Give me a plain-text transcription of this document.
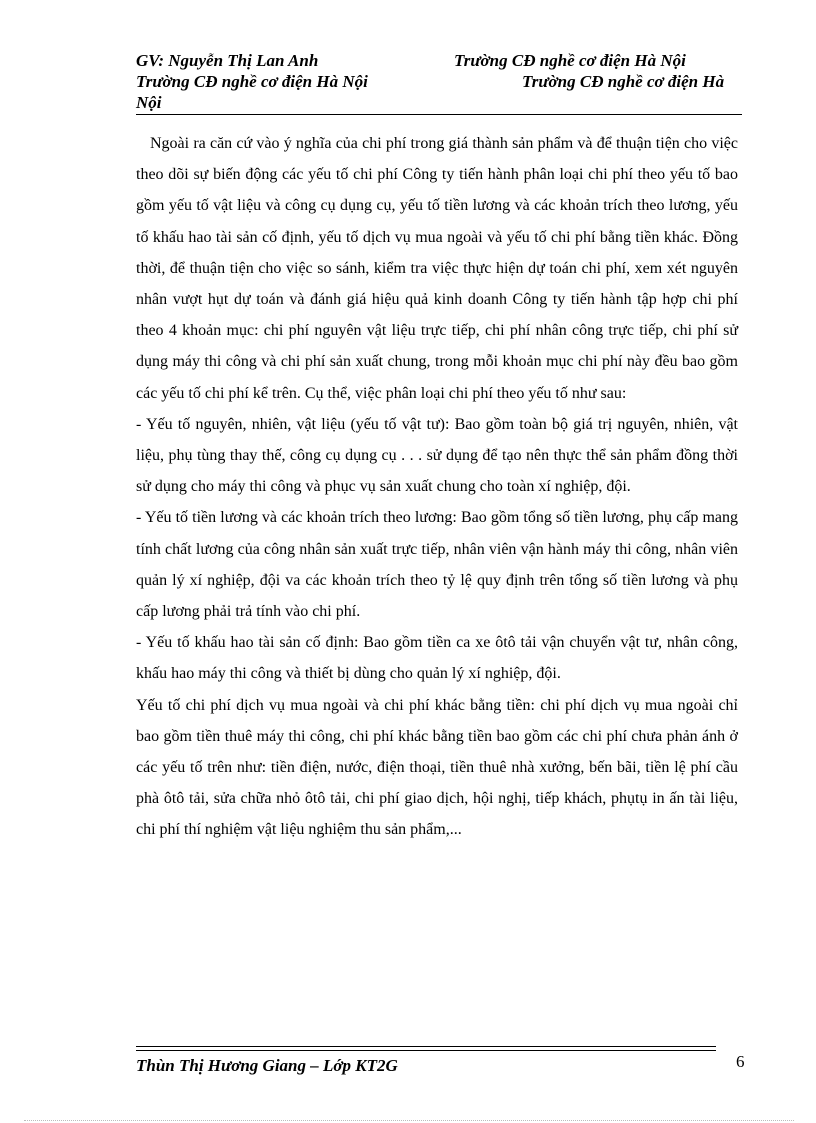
GV: Nguyễn Thị Lan Anh	Trường CĐ nghề cơ điện Hà Nội
Trường CĐ nghề cơ điện Hà Nội	Trường CĐ nghề cơ điện Hà
Nội

Ngoài ra căn cứ vào ý nghĩa của chi phí trong giá thành sản phẩm và để thuận tiện cho việc theo dõi sự biến động các yếu tố chi phí Công ty tiến hành phân loại chi phí theo yếu tố bao gồm yếu tố vật liệu và công cụ dụng cụ, yếu tố tiền lương và các khoản trích theo lương, yếu tố khấu hao tài sản cố định, yếu tố dịch vụ mua ngoài và yếu tố chi phí bằng tiền khác. Đồng thời, để thuận tiện cho việc so sánh, kiểm tra việc thực hiện dự toán chi phí, xem xét nguyên nhân vượt hụt dự toán và đánh giá hiệu quả kinh doanh Công ty tiến hành tập hợp chi phí theo 4 khoản mục: chi phí nguyên vật liệu trực tiếp, chi phí nhân công trực tiếp, chi phí sử dụng máy thi công và chi phí sản xuất chung, trong mỗi khoản mục chi phí này đều bao gồm các yếu tố chi phí kể trên. Cụ thể, việc phân loại chi phí theo yếu tố như sau:

- Yếu tố nguyên, nhiên, vật liệu (yếu tố vật tư): Bao gồm toàn bộ giá trị nguyên, nhiên, vật liệu, phụ tùng thay thế, công cụ dụng cụ . . . sử dụng để tạo nên thực thể sản phẩm đồng thời sử dụng cho máy thi công và phục vụ sản xuất chung cho toàn xí nghiệp, đội.

- Yếu tố tiền lương và các khoản trích theo lương: Bao gồm tổng số tiền lương, phụ cấp mang tính chất lương của công nhân sản xuất trực tiếp, nhân viên vận hành máy thi công, nhân viên quản lý xí nghiệp, đội va các khoản trích theo tỷ lệ quy định trên tổng số tiền lương và phụ cấp lương phải trả tính vào chi phí.

- Yếu tố khấu hao tài sản cố định: Bao gồm tiền ca xe ôtô tải vận chuyển vật tư, nhân công, khấu hao máy thi công và thiết bị dùng cho quản lý xí nghiệp, đội.

Yếu tố chi phí dịch vụ mua ngoài và chi phí khác bằng tiền: chi phí dịch vụ mua ngoài chỉ bao gồm tiền thuê máy thi công, chi phí khác bằng tiền bao gồm các chi phí chưa phản ánh ở các yếu tố trên như: tiền điện, nước, điện thoại, tiền thuê nhà xưởng, bến bãi, tiền lệ phí cầu phà ôtô tải, sửa chữa nhỏ ôtô tải, chi phí giao dịch, hội nghị, tiếp khách, phụtụ in ấn tài liệu, chi phí thí nghiệm vật liệu nghiệm thu sản phẩm,...

Thùn Thị Hương Giang – Lớp KT2G	6
